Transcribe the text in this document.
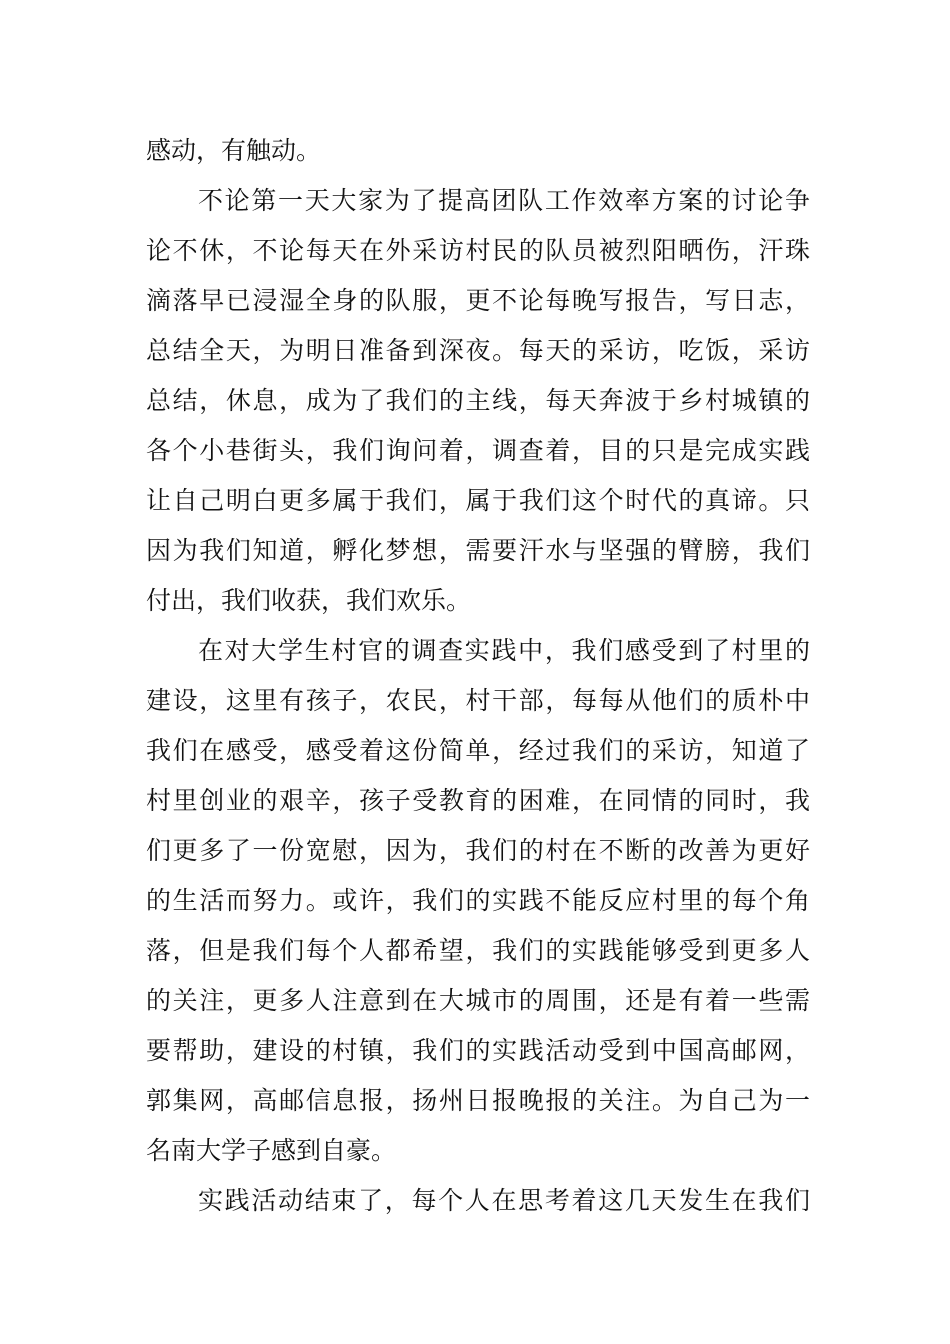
感动，有触动。
不论第一天大家为了提高团队工作效率方案的讨论争
论不休，不论每天在外采访村民的队员被烈阳晒伤，汗珠
滴落早已浸湿全身的队服，更不论每晚写报告，写日志，
总结全天，为明日准备到深夜。每天的采访，吃饭，采访
总结，休息，成为了我们的主线，每天奔波于乡村城镇的
各个小巷街头，我们询问着，调查着，目的只是完成实践
让自己明白更多属于我们，属于我们这个时代的真谛。只
因为我们知道，孵化梦想，需要汗水与坚强的臂膀，我们
付出，我们收获，我们欢乐。
在对大学生村官的调查实践中，我们感受到了村里的
建设，这里有孩子，农民，村干部，每每从他们的质朴中
我们在感受，感受着这份简单，经过我们的采访，知道了
村里创业的艰辛，孩子受教育的困难，在同情的同时，我
们更多了一份宽慰，因为，我们的村在不断的改善为更好
的生活而努力。或许，我们的实践不能反应村里的每个角
落，但是我们每个人都希望，我们的实践能够受到更多人
的关注，更多人注意到在大城市的周围，还是有着一些需
要帮助，建设的村镇，我们的实践活动受到中国高邮网，
郭集网，高邮信息报，扬州日报晚报的关注。为自己为一
名南大学子感到自豪。
实践活动结束了，每个人在思考着这几天发生在我们
